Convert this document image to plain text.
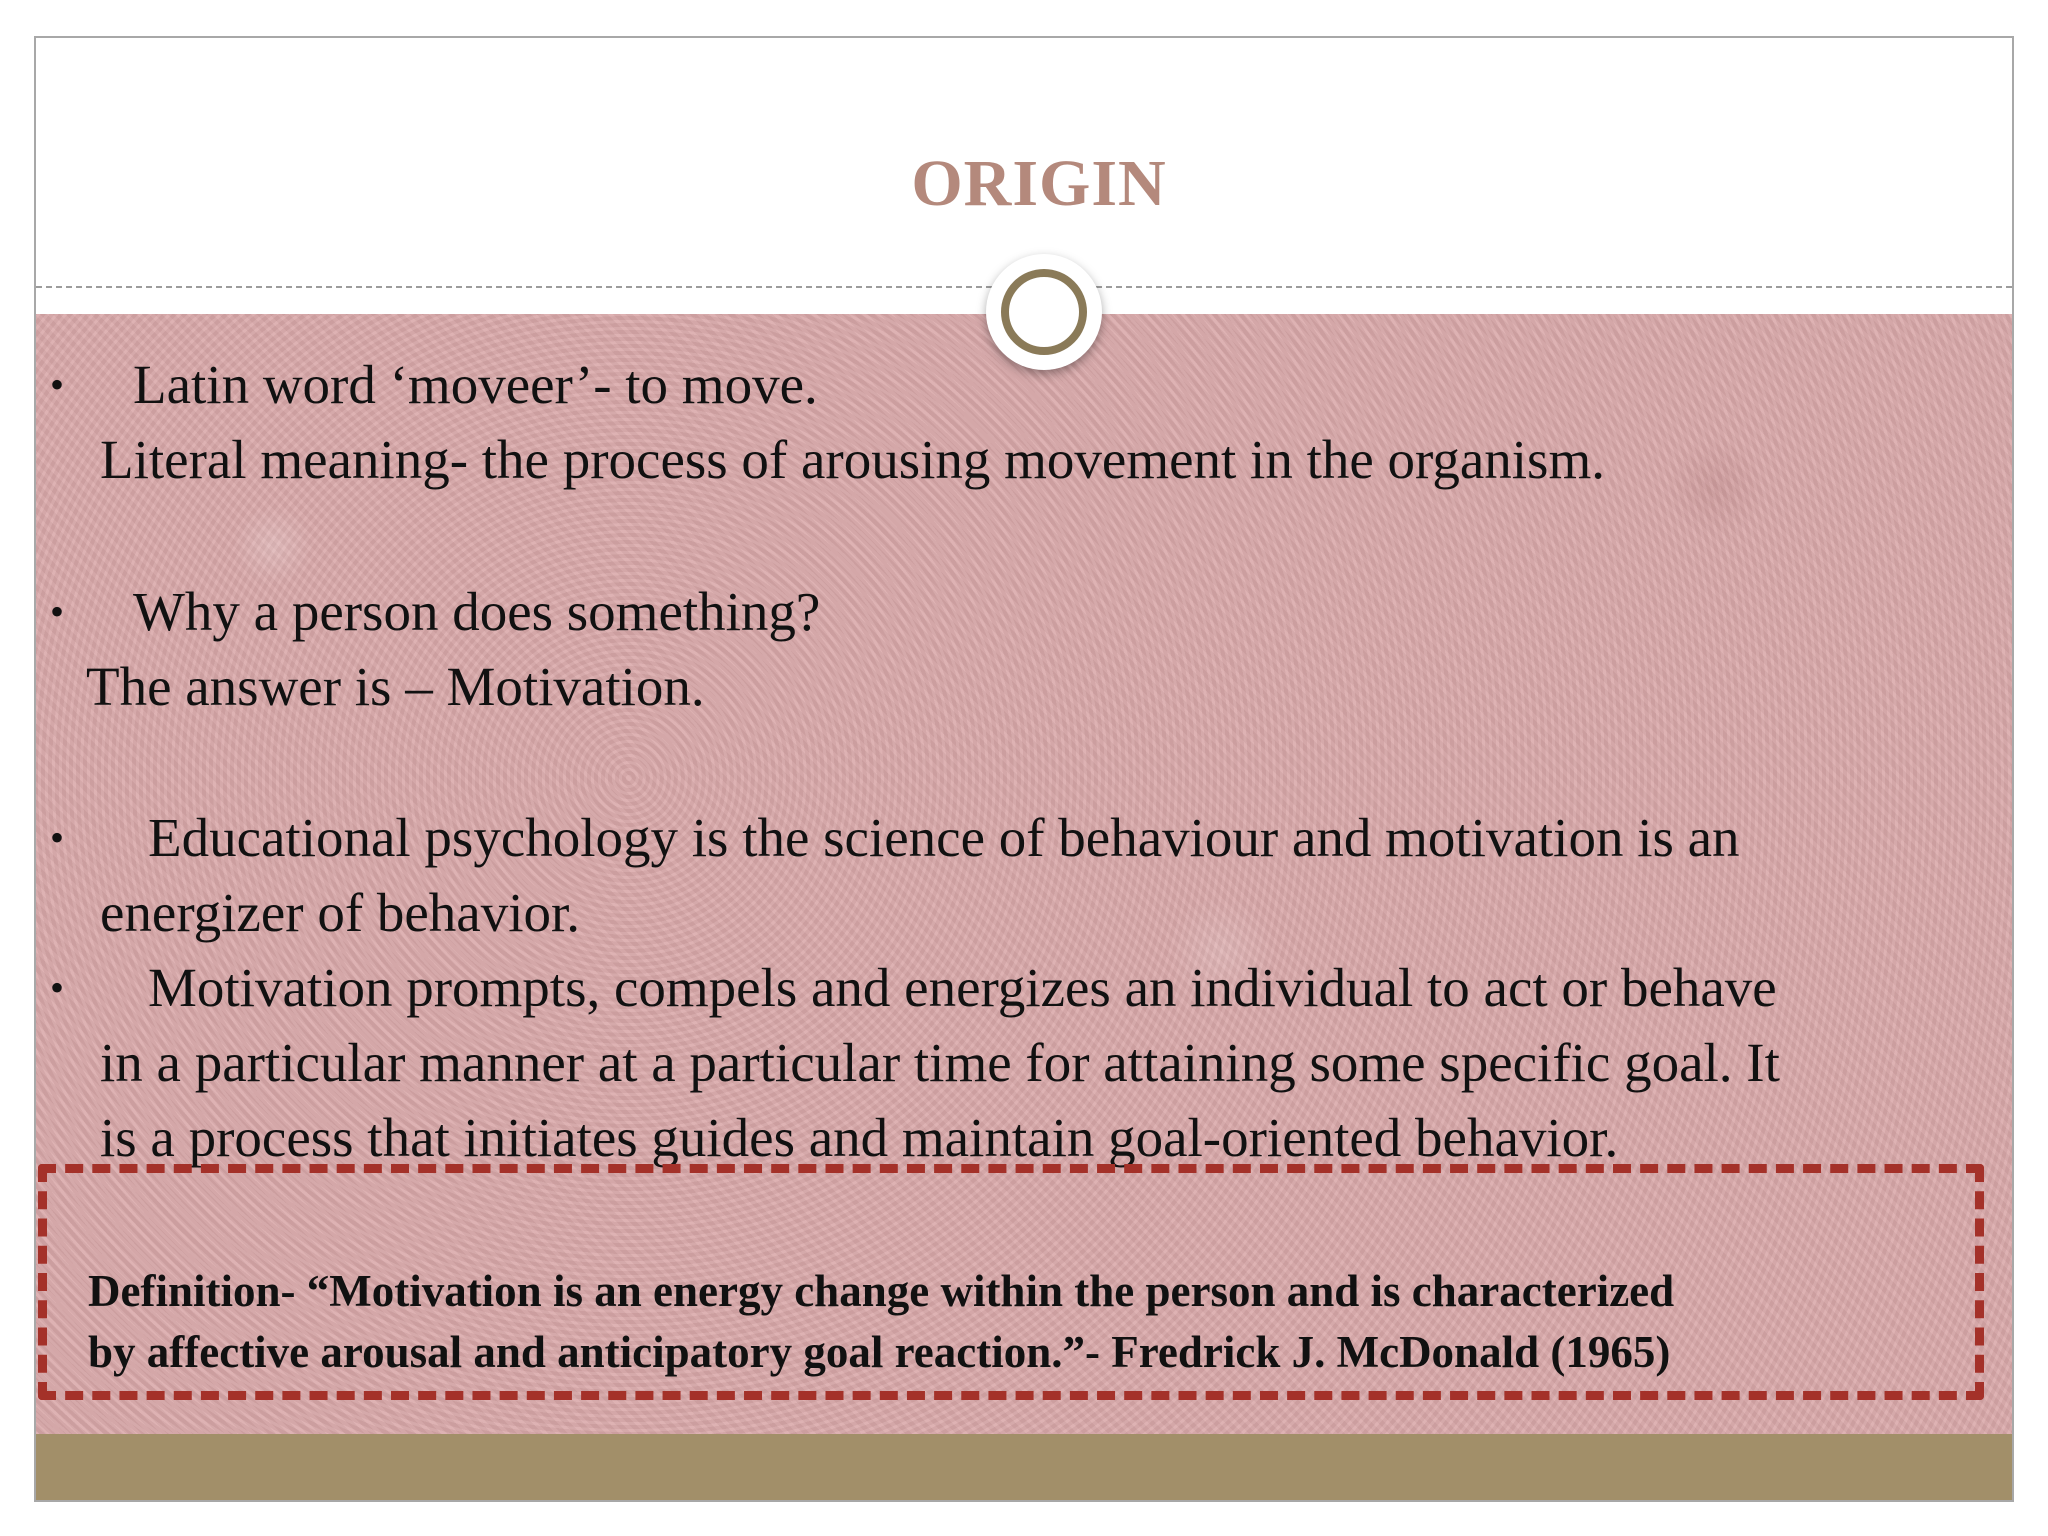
ORIGIN
• Latin word ‘moveer’- to move.
Literal meaning- the process of arousing movement in the organism.
• Why a person does something?
The answer is – Motivation.
• Educational psychology is the science of behaviour and motivation is an
energizer of behavior.
• Motivation prompts, compels and energizes an individual to act or behave
in a particular manner at a particular time for attaining some specific goal. It
is a process that initiates guides and maintain goal-oriented behavior.
Definition- “Motivation is an energy change within the person and is characterized
by affective arousal and anticipatory goal reaction.”- Fredrick J. McDonald (1965)
